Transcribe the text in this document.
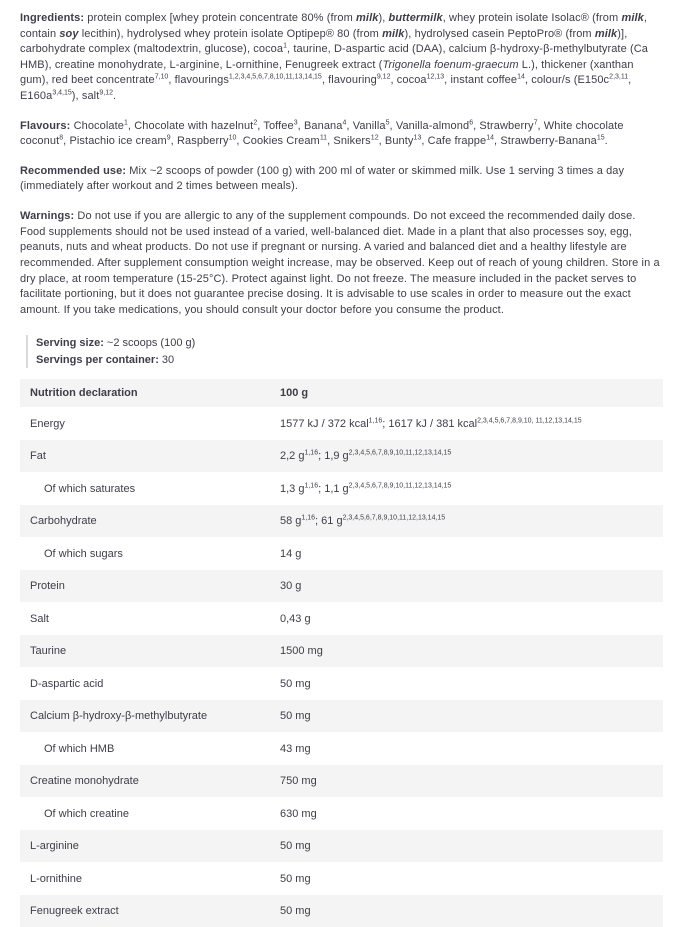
Ingredients: protein complex [whey protein concentrate 80% (from milk), buttermilk, whey protein isolate Isolac® (from milk, contain soy lecithin), hydrolysed whey protein isolate Optipep® 80 (from milk), hydrolysed casein PeptoPro® (from milk)], carbohydrate complex (maltodextrin, glucose), cocoa$^1$, taurine, D-aspartic acid (DAA), calcium β-hydroxy-β-methylbutyrate (Ca HMB), creatine monohydrate, L-arginine, L-ornithine, Fenugreek extract (Trigonella foenum-graecum L.), thickener (xanthan gum), red beet concentrate$^{7,10}$, flavourings$^{1,2,3,4,5,6,7,8,10,11,13,14,15}$, flavouring$^{9,12}$, cocoa$^{12,13}$, instant coffee$^{14}$, colour/s ($E150c^{2,3,11}$, $E160a^{3,4,15}$), salt$^{9,12}$.

Flavours: Chocolate$^1$, Chocolate with hazelnut$^2$, Toffee$^3$, Banana$^4$, Vanilla$^5$, Vanilla-almond$^6$, Strawberry$^7$, White chocolate coconut$^8$, Pistachio ice cream$^9$, Raspberry$^{10}$, Cookies Cream$^{11}$, Snikers$^{12}$, Bunty$^{13}$, Cafe frappe$^{14}$, Strawberry-Banana$^{15}$.

Recommended use: Mix ~2 scoops of powder (100 g) with 200 ml of water or skimmed milk. Use 1 serving 3 times a day (immediately after workout and 2 times between meals).

Warnings: Do not use if you are allergic to any of the supplement compounds. Do not exceed the recommended daily dose. Food supplements should not be used instead of a varied, well-balanced diet. Made in a plant that also processes soy, egg, peanuts, nuts and wheat products. Do not use if pregnant or nursing. A varied and balanced diet and a healthy lifestyle are recommended. After supplement consumption weight increase, may be observed. Keep out of reach of young children. Store in a dry place, at room temperature (15-25°C). Protect against light. Do not freeze. The measure included in the packet serves to facilitate portioning, but it does not guarantee precise dosing. It is advisable to use scales in order to measure out the exact amount. If you take medications, you should consult your doctor before you consume the product.

Serving size: ~2 scoops (100 g)
Servings per container: 30
Nutrition declaration	100 g
Energy	1577 kJ / 372 kcal$^{1,16}$; 1617 kJ / 381 kcal$^{2,3,4,5,6,7,8,9,10, 11,12,13,14,15}$
Fat	2,2 $g^{1,16}$; 1,9 $g^{2,3,4,5,6,7,8,9,10,11,12,13,14,15}$
Of which saturates	1,3 $g^{1,16}$; 1,1 $g^{2,3,4,5,6,7,8,9,10,11,12,13,14,15}$
Carbohydrate	58 $g^{1,16}$; 61 $g^{2,3,4,5,6,7,8,9,10,11,12,13,14,15}$
Of which sugars	14 g
Protein	30 g
Salt	0,43 g
Taurine	1500 mg
D-aspartic acid	50 mg
Calcium β-hydroxy-β-methylbutyrate	50 mg
Of which HMB	43 mg
Creatine monohydrate	750 mg
Of which creatine	630 mg
L-arginine	50 mg
L-ornithine	50 mg
Fenugreek extract	50 mg
